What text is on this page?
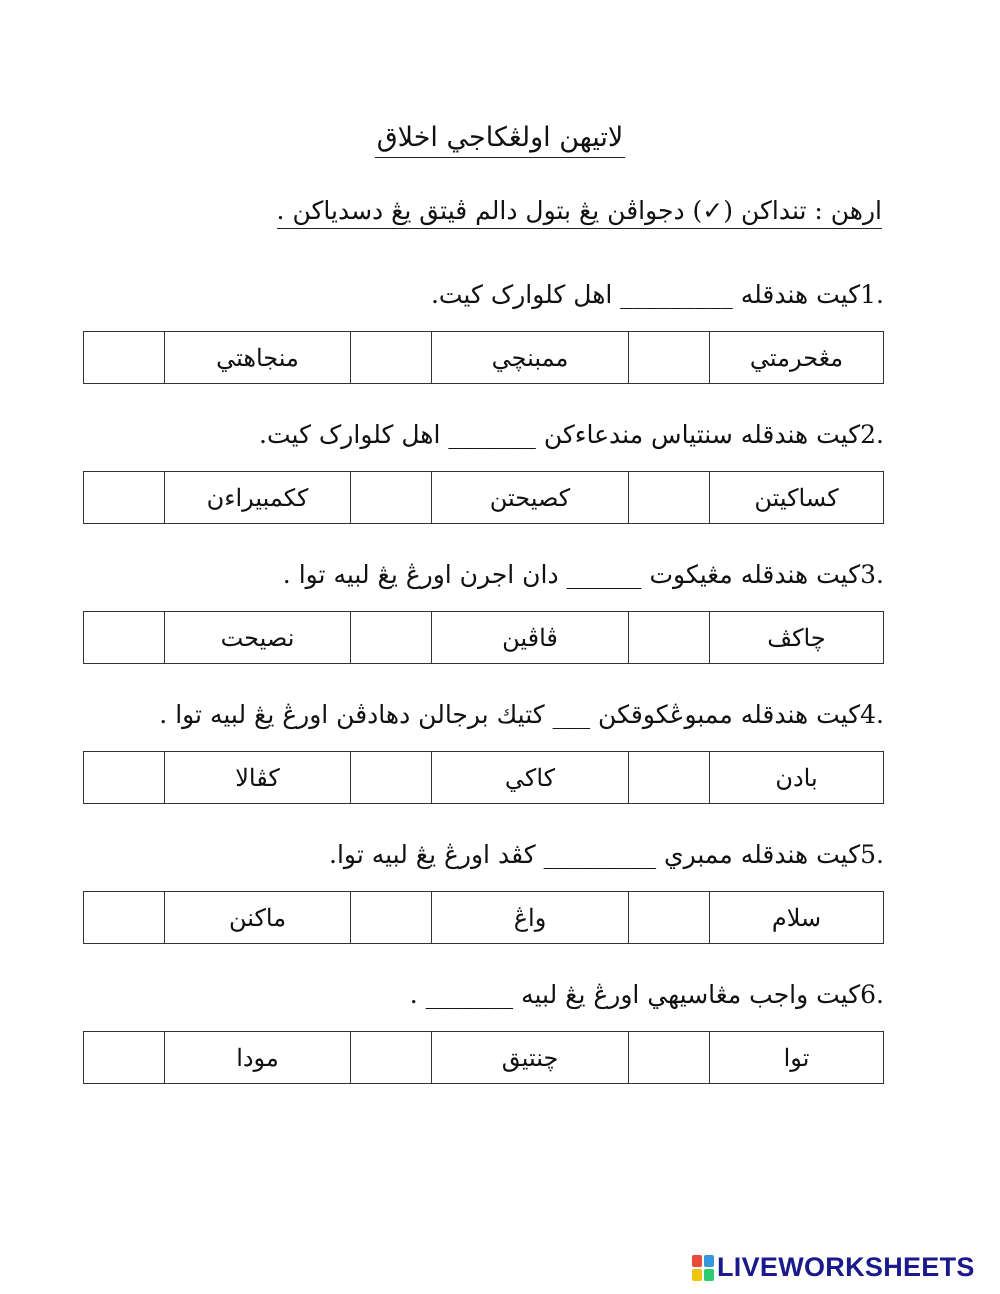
لاتيهن اولڠكاجي اخلاق
ارهن : تنداكن (✓) دجواڤن يڠ بتول دالم ڤيتق يڠ دسدياكن .
1.كيت هندقله _________ اهل كلوارک كيت.
	منجاهتي		ممبنچي		مڠحرمتي
2.كيت هندقله سنتياس مندعاءكن _______ اهل كلوارک كيت.
	ككمبيراءن		كصيحتن		كساكيتن
3.كيت هندقله مڠيكوت ______ دان اجرن اورڠ يڠ لبيه توا .
	نصيحت		ڤاڤين		چاكڤ
4.كيت هندقله ممبوڠكوقكن ___ كتيك برجالن دهادڤن اورڠ يڠ لبيه توا .
	كڤالا		كاكي		بادن
5.كيت هندقله ممبري _________ كڤد اورڠ يڠ لبيه توا.
	ماكنن		واڠ		سلام
6.كيت واجب مڠاسيهي اورڠ يڠ لبيه _______ .
	مودا		چنتيق		توا
LIVEWORKSHEETS
